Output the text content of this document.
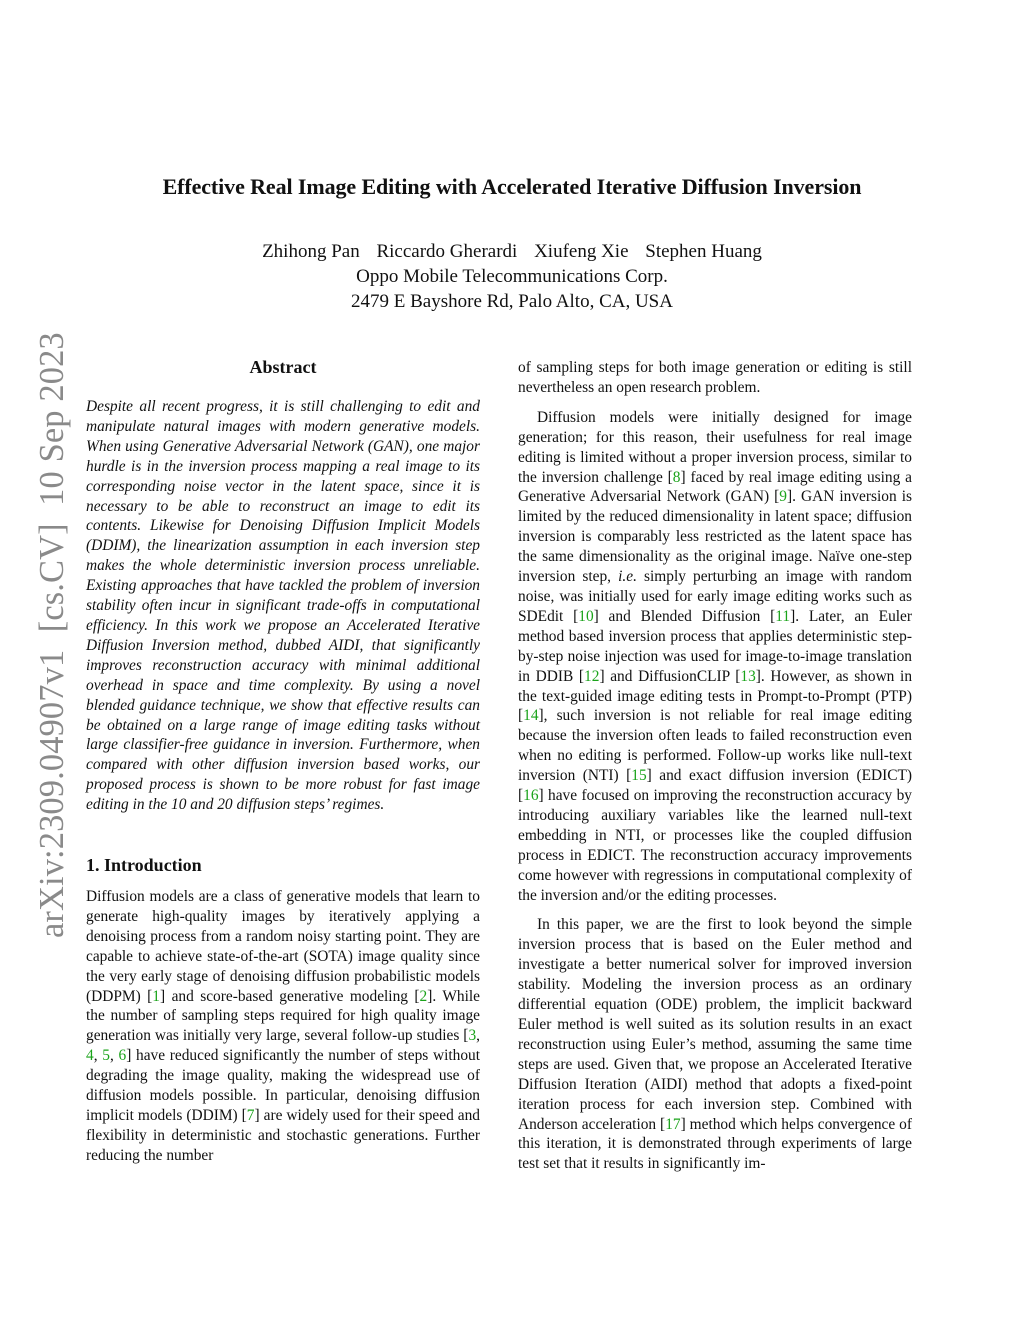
Effective Real Image Editing with Accelerated Iterative Diffusion Inversion
Zhihong Pan Riccardo Gherardi Xiufeng Xie Stephen Huang
Oppo Mobile Telecommunications Corp.
2479 E Bayshore Rd, Palo Alto, CA, USA
arXiv:2309.04907v1  [cs.CV]  10 Sep 2023	Abstract

Despite all recent progress, it is still challenging to edit and manipulate natural images with modern generative models. When using Generative Adversarial Network (GAN), one major hurdle is in the inversion process mapping a real image to its corresponding noise vector in the latent space, since it is necessary to be able to reconstruct an image to edit its contents. Likewise for Denoising Diffusion Implicit Models (DDIM), the linearization assumption in each inversion step makes the whole deterministic inversion process unreliable. Existing approaches that have tackled the problem of inversion stability often incur in significant trade-offs in computational efficiency. In this work we propose an Accelerated Iterative Diffusion Inversion method, dubbed AIDI, that significantly improves reconstruction accuracy with minimal additional overhead in space and time complexity. By using a novel blended guidance technique, we show that effective results can be obtained on a large range of image editing tasks without large classifier-free guidance in inversion. Furthermore, when compared with other diffusion inversion based works, our proposed process is shown to be more robust for fast image editing in the 10 and 20 diffusion steps’ regimes.

1. Introduction

Diffusion models are a class of generative models that learn to generate high-quality images by iteratively applying a denoising process from a random noisy starting point. They are capable to achieve state-of-the-art (SOTA) image quality since the very early stage of denoising diffusion probabilistic models (DDPM) [1] and score-based generative modeling [2]. While the number of sampling steps required for high quality image generation was initially very large, several follow-up studies [3, 4, 5, 6] have reduced significantly the number of steps without degrading the image quality, making the widespread use of diffusion models possible. In particular, denoising diffusion implicit models (DDIM) [7] are widely used for their speed and flexibility in deterministic and stochastic generations. Further reducing the number

of sampling steps for both image generation or editing is still nevertheless an open research problem.

Diffusion models were initially designed for image generation; for this reason, their usefulness for real image editing is limited without a proper inversion process, similar to the inversion challenge [8] faced by real image editing using a Generative Adversarial Network (GAN) [9]. GAN inversion is limited by the reduced dimensionality in latent space; diffusion inversion is comparably less restricted as the latent space has the same dimensionality as the original image. Naïve one-step inversion step, i.e. simply perturbing an image with random noise, was initially used for early image editing works such as SDEdit [10] and Blended Diffusion [11]. Later, an Euler method based inversion process that applies deterministic step-by-step noise injection was used for image-to-image translation in DDIB [12] and DiffusionCLIP [13]. However, as shown in the text-guided image editing tests in Prompt-to-Prompt (PTP) [14], such inversion is not reliable for real image editing because the inversion often leads to failed reconstruction even when no editing is performed. Follow-up works like null-text inversion (NTI) [15] and exact diffusion inversion (EDICT) [16] have focused on improving the reconstruction accuracy by introducing auxiliary variables like the learned null-text embedding in NTI, or processes like the coupled diffusion process in EDICT. The reconstruction accuracy improvements come however with regressions in computational complexity of the inversion and/or the editing processes.

In this paper, we are the first to look beyond the simple inversion process that is based on the Euler method and investigate a better numerical solver for improved inversion stability. Modeling the inversion process as an ordinary differential equation (ODE) problem, the implicit backward Euler method is well suited as its solution results in an exact reconstruction using Euler’s method, assuming the same time steps are used. Given that, we propose an Accelerated Iterative Diffusion Iteration (AIDI) method that adopts a fixed-point iteration process for each inversion step. Combined with Anderson acceleration [17] method which helps convergence of this iteration, it is demonstrated through experiments of large test set that it results in significantly im-
